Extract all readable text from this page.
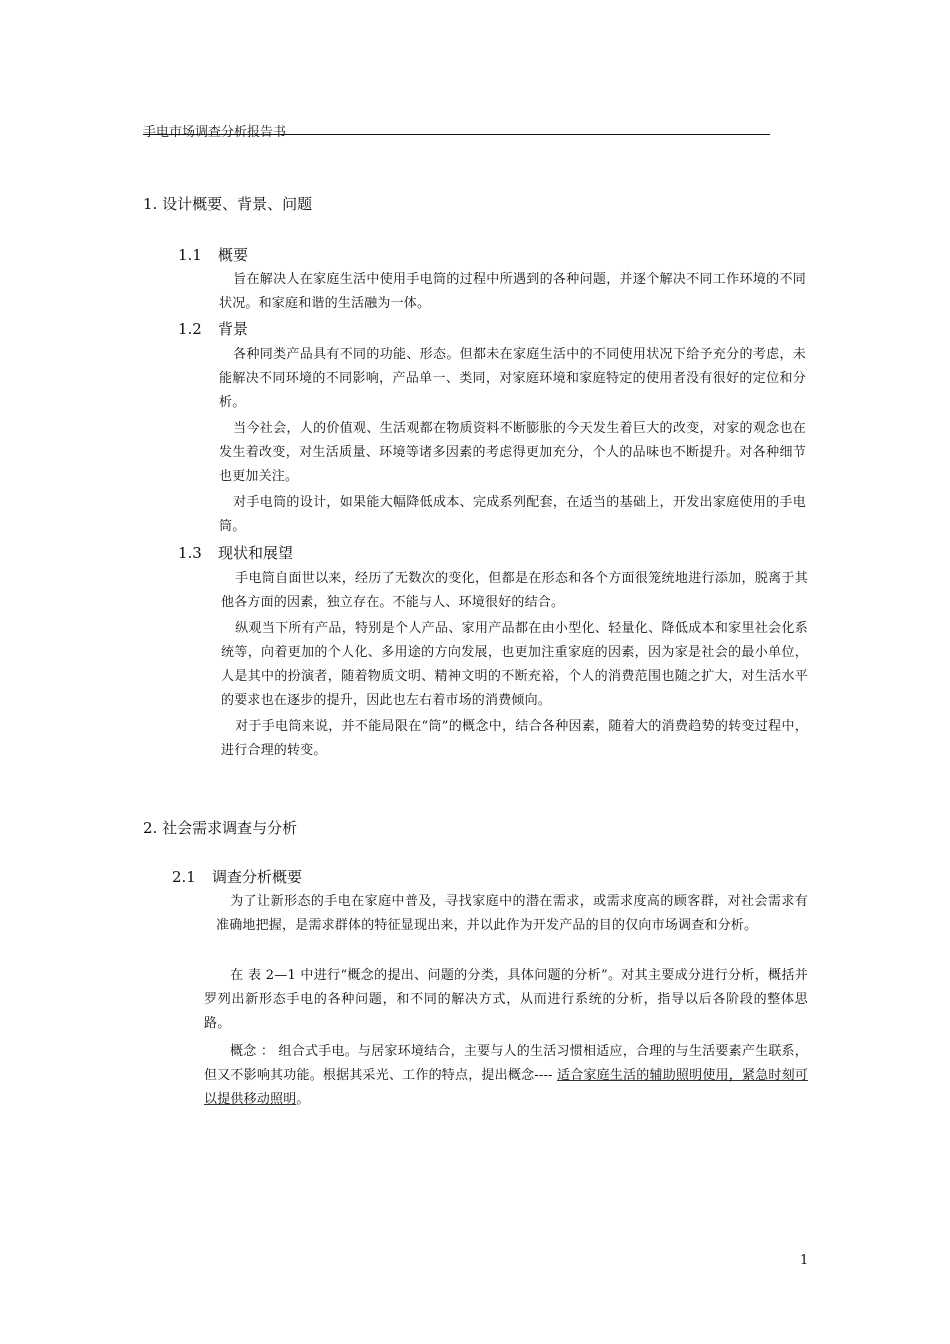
手电市场调查分析报告书
1. 设计概要、背景、问题
1.1 概要
旨在解决人在家庭生活中使用手电筒的过程中所遇到的各种问题，并逐个解决不同工作环境的不同状况。和家庭和谐的生活融为一体。
1.2 背景
各种同类产品具有不同的功能、形态。但都未在家庭生活中的不同使用状况下给予充分的考虑，未能解决不同环境的不同影响，产品单一、类同，对家庭环境和家庭特定的使用者没有很好的定位和分析。
当今社会，人的价值观、生活观都在物质资料不断膨胀的今天发生着巨大的改变，对家的观念也在发生着改变，对生活质量、环境等诸多因素的考虑得更加充分，个人的品味也不断提升。对各种细节也更加关注。
对手电筒的设计，如果能大幅降低成本、完成系列配套，在适当的基础上，开发出家庭使用的手电筒。
1.3 现状和展望
手电筒自面世以来，经历了无数次的变化，但都是在形态和各个方面很笼统地进行添加，脱离于其他各方面的因素，独立存在。不能与人、环境很好的结合。
纵观当下所有产品，特别是个人产品、家用产品都在由小型化、轻量化、降低成本和家里社会化系统等，向着更加的个人化、多用途的方向发展，也更加注重家庭的因素，因为家是社会的最小单位，人是其中的扮演者，随着物质文明、精神文明的不断充裕，个人的消费范围也随之扩大，对生活水平的要求也在逐步的提升，因此也左右着市场的消费倾向。
对于手电筒来说，并不能局限在“筒”的概念中，结合各种因素，随着大的消费趋势的转变过程中，进行合理的转变。
2. 社会需求调查与分析
2.1 调查分析概要
为了让新形态的手电在家庭中普及，寻找家庭中的潜在需求，或需求度高的顾客群，对社会需求有准确地把握，是需求群体的特征显现出来，并以此作为开发产品的目的仅向市场调查和分析。
在 表 2—1 中进行“概念的提出、问题的分类，具体问题的分析”。对其主要成分进行分析，概括并罗列出新形态手电的各种问题，和不同的解决方式，从而进行系统的分析，指导以后各阶段的整体思路。
概念 ： 组合式手电。与居家环境结合，主要与人的生活习惯相适应，合理的与生活要素产生联系，但又不影响其功能。根据其采光、工作的特点，提出概念---- 适合家庭生活的辅助照明使用，紧急时刻可以提供移动照明。
1
